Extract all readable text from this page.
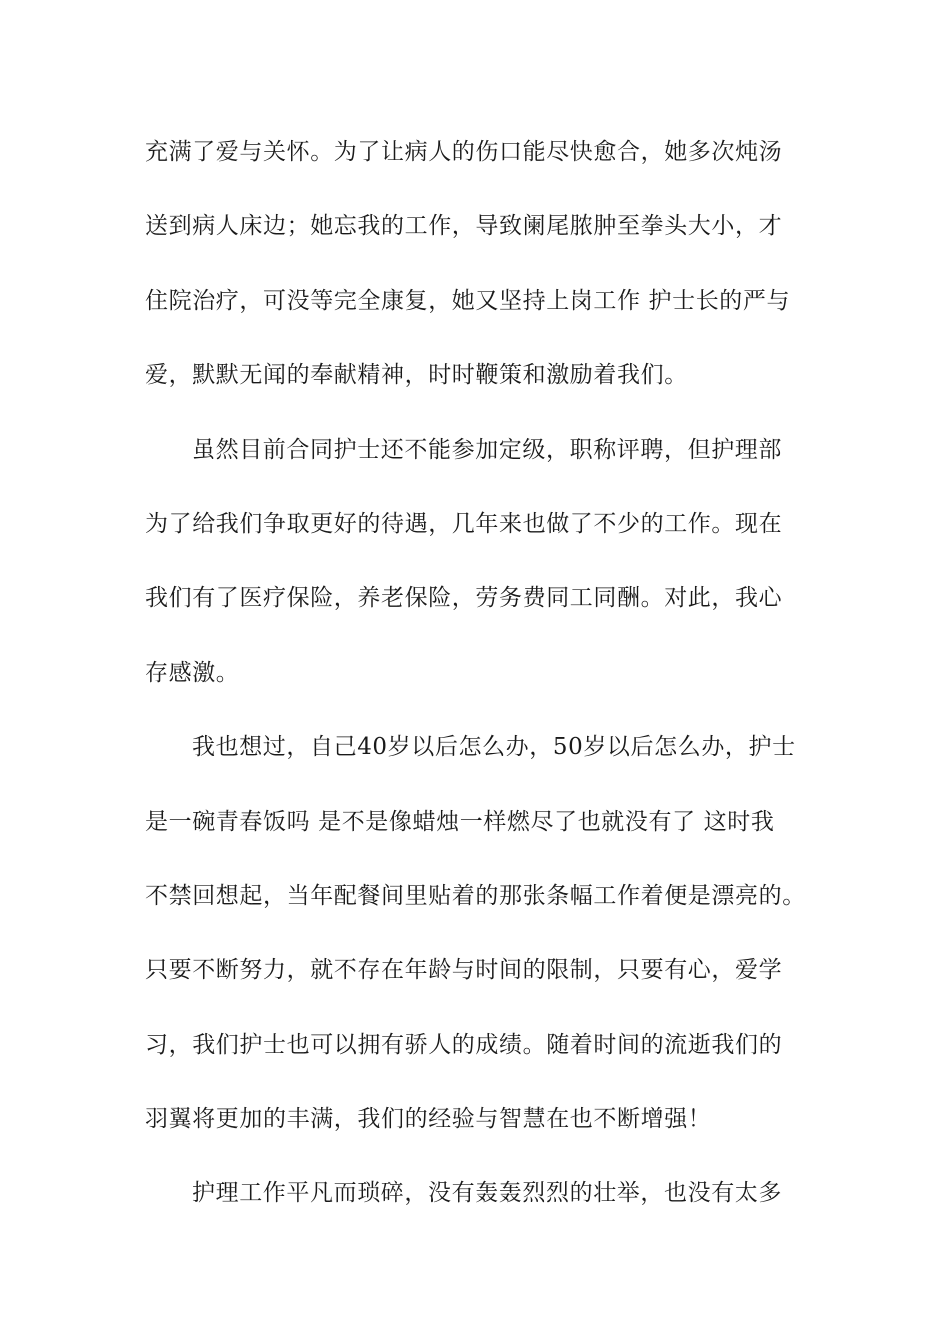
充满了爱与关怀。为了让病人的伤口能尽快愈合，她多次炖汤
送到病人床边；她忘我的工作，导致阑尾脓肿至拳头大小，才
住院治疗，可没等完全康复，她又坚持上岗工作 护士长的严与
爱，默默无闻的奉献精神，时时鞭策和激励着我们。
虽然目前合同护士还不能参加定级，职称评聘，但护理部
为了给我们争取更好的待遇，几年来也做了不少的工作。现在
我们有了医疗保险，养老保险，劳务费同工同酬。对此，我心
存感激。
我也想过，自己40岁以后怎么办，50岁以后怎么办，护士
是一碗青春饭吗 是不是像蜡烛一样燃尽了也就没有了 这时我
不禁回想起，当年配餐间里贴着的那张条幅工作着便是漂亮的。
只要不断努力，就不存在年龄与时间的限制，只要有心，爱学
习，我们护士也可以拥有骄人的成绩。随着时间的流逝我们的
羽翼将更加的丰满，我们的经验与智慧在也不断增强！
护理工作平凡而琐碎，没有轰轰烈烈的壮举，也没有太多
